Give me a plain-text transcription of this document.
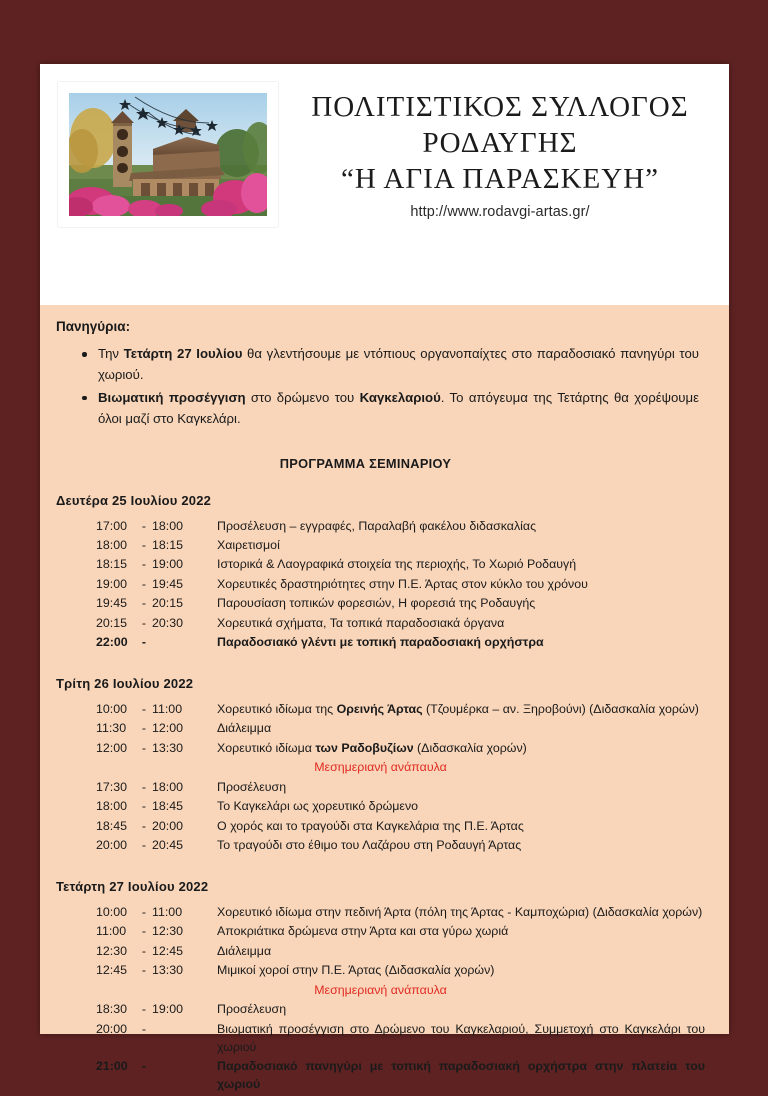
ΠΟΛΙΤΙΣΤΙΚΟΣ ΣΥΛΛΟΓΟΣ
ΡΟΔΑΥΓΗΣ
“Η ΑΓΙΑ ΠΑΡΑΣΚΕΥΗ”
http://www.rodavgi-artas.gr/
Πανηγύρια:
Την Τετάρτη 27 Ιουλίου θα γλεντήσουμε με ντόπιους οργανοπαίχτες στο παραδοσιακό πανηγύρι του χωριού.
Βιωματική προσέγγιση στο δρώμενο του Καγκελαριού. Το απόγευμα της Τετάρτης θα χορέψουμε όλοι μαζί στο Καγκελάρι.
ΠΡΟΓΡΑΜΜΑ ΣΕΜΙΝΑΡΙΟΥ
Δευτέρα 25 Ιουλίου 2022
	17:00	-	18:00		Προσέλευση – εγγραφές, Παραλαβή φακέλου διδασκαλίας
	18:00	-	18:15		Χαιρετισμοί
	18:15	-	19:00		Ιστορικά & Λαογραφικά στοιχεία της περιοχής, Το Χωριό Ροδαυγή
	19:00	-	19:45		Χορευτικές δραστηριότητες στην Π.Ε. Άρτας στον κύκλο του χρόνου
	19:45	-	20:15		Παρουσίαση τοπικών φορεσιών, Η φορεσιά της Ροδαυγής
	20:15	-	20:30		Χορευτικά σχήματα, Τα τοπικά παραδοσιακά όργανα
	22:00	-			Παραδοσιακό γλέντι με τοπική παραδοσιακή ορχήστρα
Τρίτη 26 Ιουλίου 2022
	10:00	-	11:00		Χορευτικό ιδίωμα της Ορεινής Άρτας (Τζουμέρκα – αν. Ξηροβούνι) (Διδασκαλία χορών)
	11:30	-	12:00		Διάλειμμα
	12:00	-	13:30		Χορευτικό ιδίωμα των Ραδοβυζίων (Διδασκαλία χορών)
Μεσημεριανή ανάπαυλα					
	17:30	-	18:00		Προσέλευση
	18:00	-	18:45		Το Καγκελάρι ως χορευτικό δρώμενο
	18:45	-	20:00		Ο χορός και το τραγούδι στα Καγκελάρια της Π.Ε. Άρτας
	20:00	-	20:45		Το τραγούδι στο έθιμο του Λαζάρου στη Ροδαυγή Άρτας
Τετάρτη 27 Ιουλίου 2022
	10:00	-	11:00		Χορευτικό ιδίωμα στην πεδινή Άρτα (πόλη της Άρτας - Καμποχώρια) (Διδασκαλία χορών)
	11:00	-	12:30		Αποκριάτικα δρώμενα στην Άρτα και στα γύρω χωριά
	12:30	-	12:45		Διάλειμμα
	12:45	-	13:30		Μιμικοί χοροί στην Π.Ε. Άρτας (Διδασκαλία χορών)
Μεσημεριανή ανάπαυλα					
	18:30	-	19:00		Προσέλευση
	20:00	-			Βιωματική προσέγγιση στο Δρώμενο του Καγκελαριού, Συμμετοχή στο Καγκελάρι του χωριού
	21:00	-			Παραδοσιακό πανηγύρι με τοπική παραδοσιακή ορχήστρα στην πλατεία του χωριού
